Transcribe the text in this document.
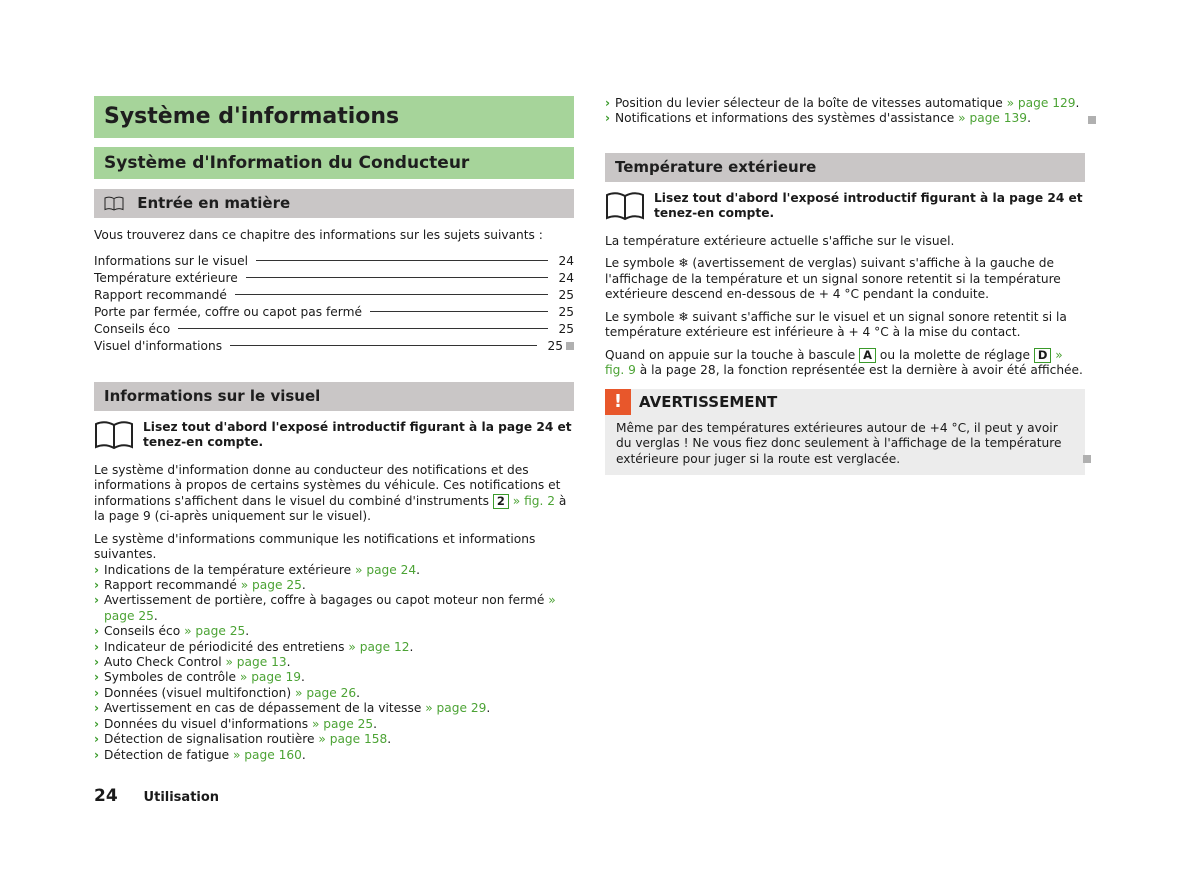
Système d'informations
Système d'Information du Conducteur
Entrée en matière

Vous trouverez dans ce chapitre des informations sur les sujets suivants :

Informations sur le visuel	24
Température extérieure	24
Rapport recommandé	25
Porte par fermée, coffre ou capot pas fermé	25
Conseils éco	25
Visuel d'informations	25
Informations sur le visuel
Lisez tout d'abord l'exposé introductif figurant à la page 24 et tenez-en compte.

Le système d'information donne au conducteur des notifications et des informations à propos de certains systèmes du véhicule. Ces notifications et informations s'affichent dans le visuel du combiné d'instruments 2 » fig. 2 à la page 9 (ci-après uniquement sur le visuel).

Le système d'informations communique les notifications et informations suivantes.

› Indications de la température extérieure » page 24.
› Rapport recommandé » page 25.
› Avertissement de portière, coffre à bagages ou capot moteur non fermé » page 25.
› Conseils éco » page 25.
› Indicateur de périodicité des entretiens » page 12.
› Auto Check Control » page 13.
› Symboles de contrôle » page 19.
› Données (visuel multifonction) » page 26.
› Avertissement en cas de dépassement de la vitesse » page 29.
› Données du visuel d'informations » page 25.
› Détection de signalisation routière » page 158.
› Détection de fatigue » page 160.
› Position du levier sélecteur de la boîte de vitesses automatique » page 129.
› Notifications et informations des systèmes d'assistance » page 139.
Température extérieure
Lisez tout d'abord l'exposé introductif figurant à la page 24 et tenez-en compte.

La température extérieure actuelle s'affiche sur le visuel.

Le symbole ❄ (avertissement de verglas) suivant s'affiche à la gauche de l'affichage de la température et un signal sonore retentit si la température extérieure descend en-dessous de + 4 °C pendant la conduite.

Le symbole ❄ suivant s'affiche sur le visuel et un signal sonore retentit si la température extérieure est inférieure à + 4 °C à la mise du contact.

Quand on appuie sur la touche à bascule A ou la molette de réglage D » fig. 9 à la page 28, la fonction représentée est la dernière à avoir été affichée.

!	AVERTISSEMENT
Même par des températures extérieures autour de +4 °C, il peut y avoir du verglas ! Ne vous fiez donc seulement à l'affichage de la température extérieure pour juger si la route est verglacée.
24 Utilisation
